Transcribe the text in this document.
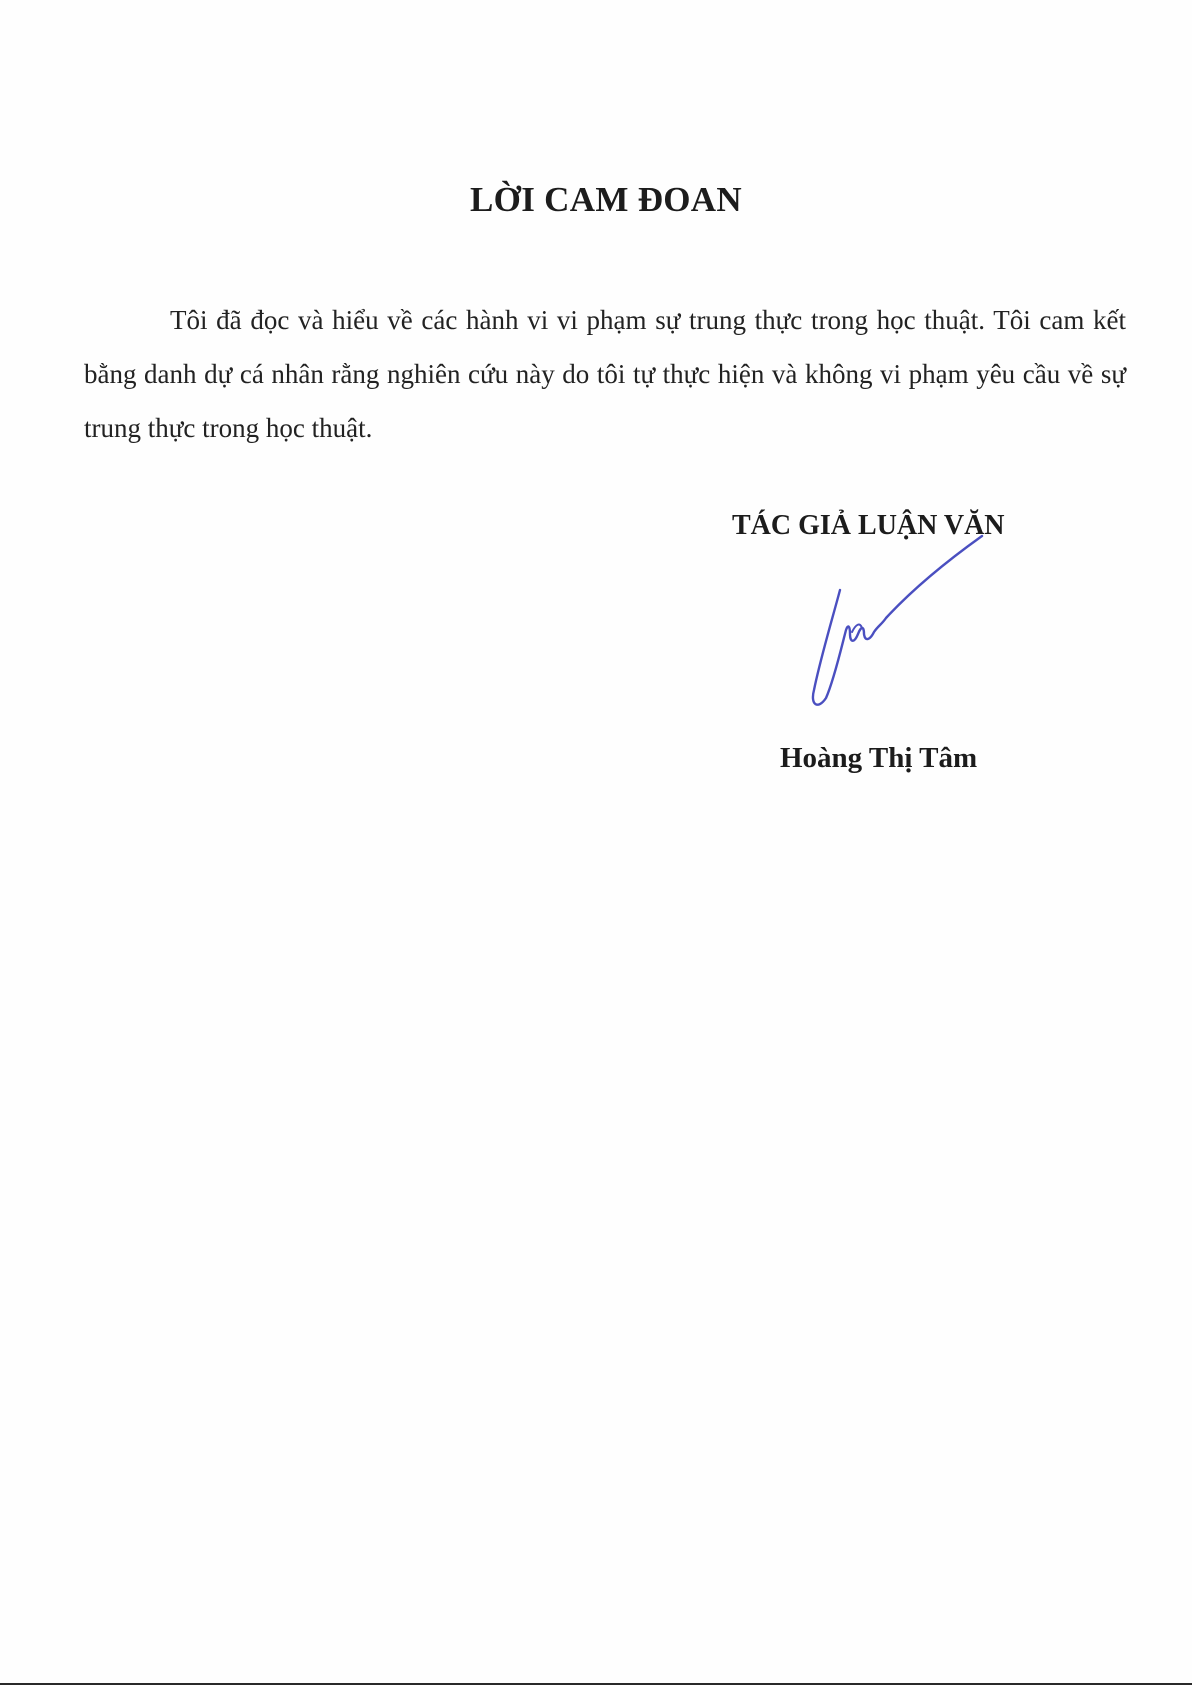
LỜI CAM ĐOAN

Tôi đã đọc và hiểu về các hành vi vi phạm sự trung thực trong học thuật. Tôi cam kết bằng danh dự cá nhân rằng nghiên cứu này do tôi tự thực hiện và không vi phạm yêu cầu về sự trung thực trong học thuật.

TÁC GIẢ LUẬN VĂN
Hoàng Thị Tâm
